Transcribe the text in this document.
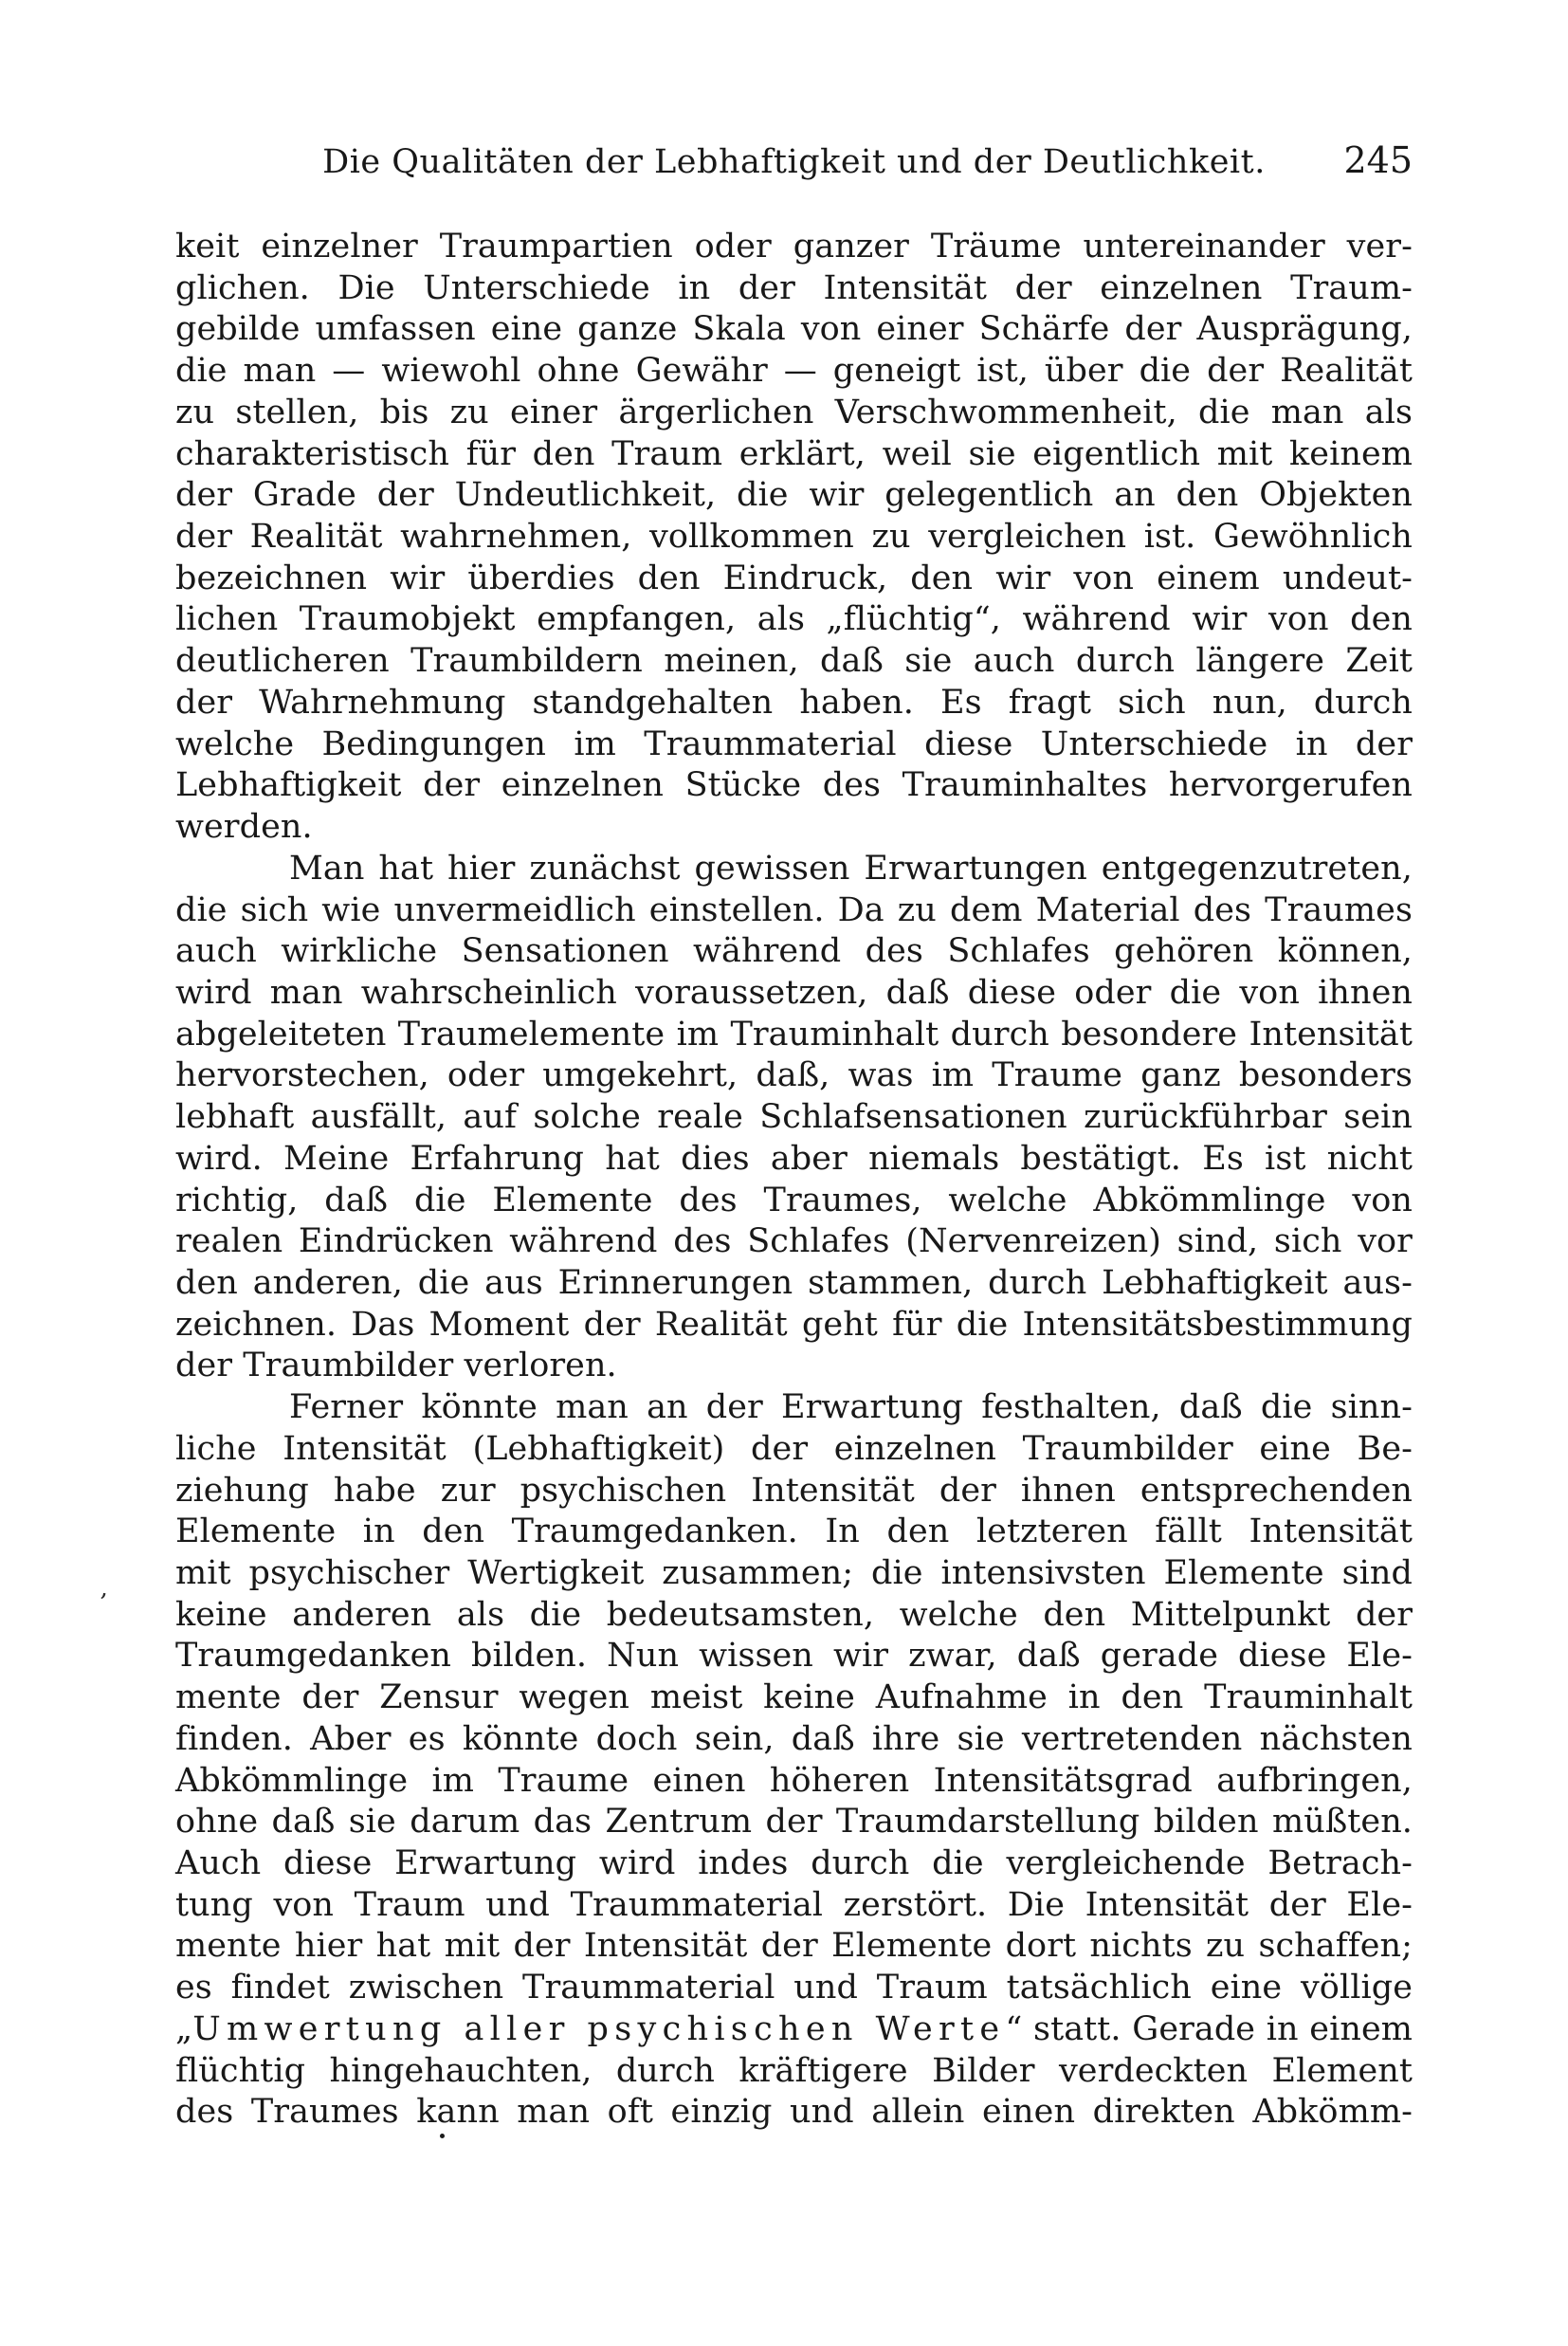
Die Qualitäten der Lebhaftigkeit und der Deutlichkeit.	245
keit einzelner Traumpartien oder ganzer Träume untereinander ver-
glichen. Die Unterschiede in der Intensität der einzelnen Traum-
gebilde umfassen eine ganze Skala von einer Schärfe der Ausprägung,
die man — wiewohl ohne Gewähr — geneigt ist, über die der Realität
zu stellen, bis zu einer ärgerlichen Verschwommenheit, die man als
charakteristisch für den Traum erklärt, weil sie eigentlich mit keinem
der Grade der Undeutlichkeit, die wir gelegentlich an den Objekten
der Realität wahrnehmen, vollkommen zu vergleichen ist. Gewöhnlich
bezeichnen wir überdies den Eindruck, den wir von einem undeut-
lichen Traumobjekt empfangen, als „flüchtig“, während wir von den
deutlicheren Traumbildern meinen, daß sie auch durch längere Zeit
der Wahrnehmung standgehalten haben. Es fragt sich nun, durch
welche Bedingungen im Traummaterial diese Unterschiede in der
Lebhaftigkeit der einzelnen Stücke des Trauminhaltes hervorgerufen
werden.
Man hat hier zunächst gewissen Erwartungen entgegenzutreten,
die sich wie unvermeidlich einstellen. Da zu dem Material des Traumes
auch wirkliche Sensationen während des Schlafes gehören können,
wird man wahrscheinlich voraussetzen, daß diese oder die von ihnen
abgeleiteten Traumelemente im Trauminhalt durch besondere Intensität
hervorstechen, oder umgekehrt, daß, was im Traume ganz besonders
lebhaft ausfällt, auf solche reale Schlafsensationen zurückführbar sein
wird. Meine Erfahrung hat dies aber niemals bestätigt. Es ist nicht
richtig, daß die Elemente des Traumes, welche Abkömmlinge von
realen Eindrücken während des Schlafes (Nervenreizen) sind, sich vor
den anderen, die aus Erinnerungen stammen, durch Lebhaftigkeit aus-
zeichnen. Das Moment der Realität geht für die Intensitätsbestimmung
der Traumbilder verloren.
Ferner könnte man an der Erwartung festhalten, daß die sinn-
liche Intensität (Lebhaftigkeit) der einzelnen Traumbilder eine Be-
ziehung habe zur psychischen Intensität der ihnen entsprechenden
Elemente in den Traumgedanken. In den letzteren fällt Intensität
mit psychischer Wertigkeit zusammen; die intensivsten Elemente sind
keine anderen als die bedeutsamsten, welche den Mittelpunkt der
Traumgedanken bilden. Nun wissen wir zwar, daß gerade diese Ele-
mente der Zensur wegen meist keine Aufnahme in den Trauminhalt
finden. Aber es könnte doch sein, daß ihre sie vertretenden nächsten
Abkömmlinge im Traume einen höheren Intensitätsgrad aufbringen,
ohne daß sie darum das Zentrum der Traumdarstellung bilden müßten.
Auch diese Erwartung wird indes durch die vergleichende Betrach-
tung von Traum und Traummaterial zerstört. Die Intensität der Ele-
mente hier hat mit der Intensität der Elemente dort nichts zu schaffen;
es findet zwischen Traummaterial und Traum tatsächlich eine völlige
„Umwertung aller psychischen Werte“ statt. Gerade in einem
flüchtig hingehauchten, durch kräftigere Bilder verdeckten Element
des Traumes kann man oft einzig und allein einen direkten Abkömm-
ʼ
